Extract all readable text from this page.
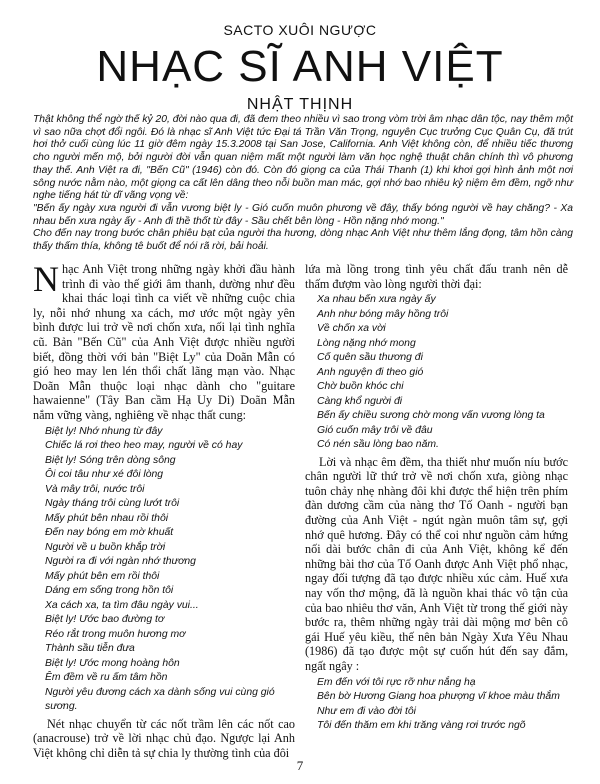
SACTO XUÔI NGƯỢC
NHẠC SĨ ANH VIỆT
NHẬT THỊNH

Thật không thể ngờ thế kỷ 20, đời nào qua đi, đã đem theo nhiều vì sao trong vòm trời âm nhạc dân tộc, nay thêm một vì sao nữa chợt đổi ngôi. Đó là nhạc sĩ Anh Việt tức Đại tá Trần Văn Trọng, nguyên Cục trưởng Cục Quân Cụ, đã trút hơi thở cuối cùng lúc 11 giờ đêm ngày 15.3.2008 tại San Jose, California. Anh Việt không còn, để nhiều tiếc thương cho người mến mộ, bởi người đời vẫn quan niệm mất một người làm văn học nghệ thuật chân chính thì vô phương thay thế. Anh Việt ra đi, "Bến Cũ" (1946) còn đó. Còn đó giọng ca của Thái Thanh (1) khi khơi gợi hình ảnh một nơi sông nước nằm nào, một giọng ca cất lên dâng theo nỗi buồn man mác, gợi nhớ bao nhiêu kỷ niệm êm đềm, ngỡ như nghe tiếng hát từ dĩ vãng vọng về:

"Bến ấy ngày xưa người đi vẫn vương biệt ly - Gió cuốn muôn phương về đây, thấy bóng người về hay chăng? - Xa nhau bến xưa ngày ấy - Anh đi thề thốt từ đây - Sầu chết bên lòng - Hồn nặng nhớ mong."

Cho đến nay trong bước chân phiêu bạt của người tha hương, dòng nhạc Anh Việt như thêm lắng đọng, tâm hồn càng thấy thấm thía, không tê buốt để nói rã rời, bải hoải.

Nhạc Anh Việt trong những ngày khởi đầu hành trình đi vào thế giới âm thanh, dường như đều khai thác loại tình ca viết về những cuộc chia ly, nỗi nhớ nhung xa cách, mơ ước một ngày yên bình được lui trở về nơi chốn xưa, nối lại tình nghĩa cũ. Bản "Bến Cũ" của Anh Việt được nhiều người biết, đồng thời với bản "Biệt Ly" của Doãn Mẫn có gió heo may len lén thổi chất lãng mạn vào. Nhạc Doãn Mẫn thuộc loại nhạc dành cho "guitare hawaienne" (Tây Ban cầm Hạ Uy Di) Doãn Mẫn nắm vững vàng, nghiêng về nhạc thất cung:

Biệt ly! Nhớ nhung từ đây
Chiếc lá rơi theo heo may, người về có hay
Biệt ly! Sóng trên dòng sông
Ôi coi tâu như xé đôi lòng
Và mây trôi, nước trôi
Ngày tháng trôi cùng lướt trôi
Mấy phút bên nhau rồi thôi
Đến nay bóng em mờ khuất
Người về u buồn khắp trời
Người ra đi với ngàn nhớ thương
Mấy phút bên em rồi thôi
Dáng em sống trong hồn tôi
Xa cách xa, ta tìm đâu ngày vui...
Biệt ly! Ước bao đường tơ
Réo rắt trong muôn hương mơ
Thành sầu tiễn đưa
Biệt ly! Ước mong hoàng hôn
Êm đềm về ru ấm tâm hồn
Người yêu đương cách xa dành sống vui cùng gió sương.

Nét nhạc chuyển từ các nốt trầm lên các nốt cao (anacrouse) trở về lời nhạc chủ đạo. Ngược lại Anh Việt không chỉ diễn tả sự chia ly thường tình của đôi

lứa mà lồng trong tình yêu chất đấu tranh nên dễ thấm đượm vào lòng người thời đại:

Xa nhau bến xưa ngày ấy
Anh như bóng mây hồng trôi
Về chốn xa vời
Lòng nặng nhớ mong
Cố quên sầu thương đi
Anh nguyện đi theo gió
Chờ buồn khóc chi
Càng khổ người đi
Bến ấy chiều sương chờ mong vấn vương lòng ta
Gió cuốn mây trôi về đâu
Có nén sầu lòng bao năm.

Lời và nhạc êm đềm, tha thiết như muốn níu bước chân người lữ thứ trở về nơi chốn xưa, giòng nhạc tuôn chảy nhẹ nhàng đôi khi được thể hiện trên phím đàn dương cầm của nàng thơ Tố Oanh - người bạn đường của Anh Việt - ngút ngàn muôn tâm sự, gợi nhớ quê hương. Đây có thể coi như nguồn cảm hứng nối dài bước chân đi của Anh Việt, không kể đến những bài thơ của Tố Oanh được Anh Việt phổ nhạc, ngay đối tượng đã tạo được nhiều xúc cảm. Huế xưa nay vốn thơ mộng, đã là nguồn khai thác vô tận của của bao nhiêu thơ văn, Anh Việt từ trong thế giới này bước ra, thêm những ngày trải dài mộng mơ bên cô gái Huế yêu kiều, thế nên bản Ngày Xưa Yêu Nhau (1986) đã tạo được một sự cuốn hút đến say đắm, ngất ngây :

Em đến với tôi rực rỡ như nắng hạ
Bên bờ Hương Giang hoa phượng vĩ khoe màu thắm
Như em đi vào đời tôi
Tôi đến thăm em khi trăng vàng rơi trước ngõ
7
